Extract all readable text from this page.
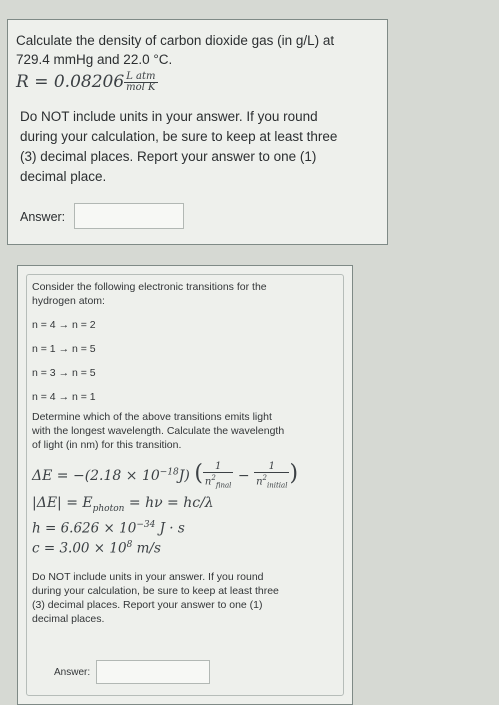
Calculate the density of carbon dioxide gas (in g/L) at
729.4 mmHg and 22.0 °C.
$R = 0.08206 \frac{\text{L atm}}{\text{mol K}}$
Do NOT include units in your answer. If you round
during your calculation, be sure to keep at least three
(3) decimal places. Report your answer to one (1)
decimal place.
Answer:
Consider the following electronic transitions for the
hydrogen atom:
n = 4 → n = 2
n = 1 → n = 5
n = 3 → n = 5
n = 4 → n = 1
Determine which of the above transitions emits light
with the longest wavelength. Calculate the wavelength
of light (in nm) for this transition.
$\Delta E = -(2.18 \times 10^{-18}J)$ ( $\frac{1}{n^2_{final}} - \frac{1}{n^2_{initial}}$ )
$|\Delta E| = E_{photon} = h\nu = hc/\lambda$
$h = 6.626 \times 10^{-34}$ J · s
$c = 3.00 \times 10^8$ m/s
Do NOT include units in your answer. If you round
during your calculation, be sure to keep at least three
(3) decimal places. Report your answer to one (1)
decimal places.
Answer:
